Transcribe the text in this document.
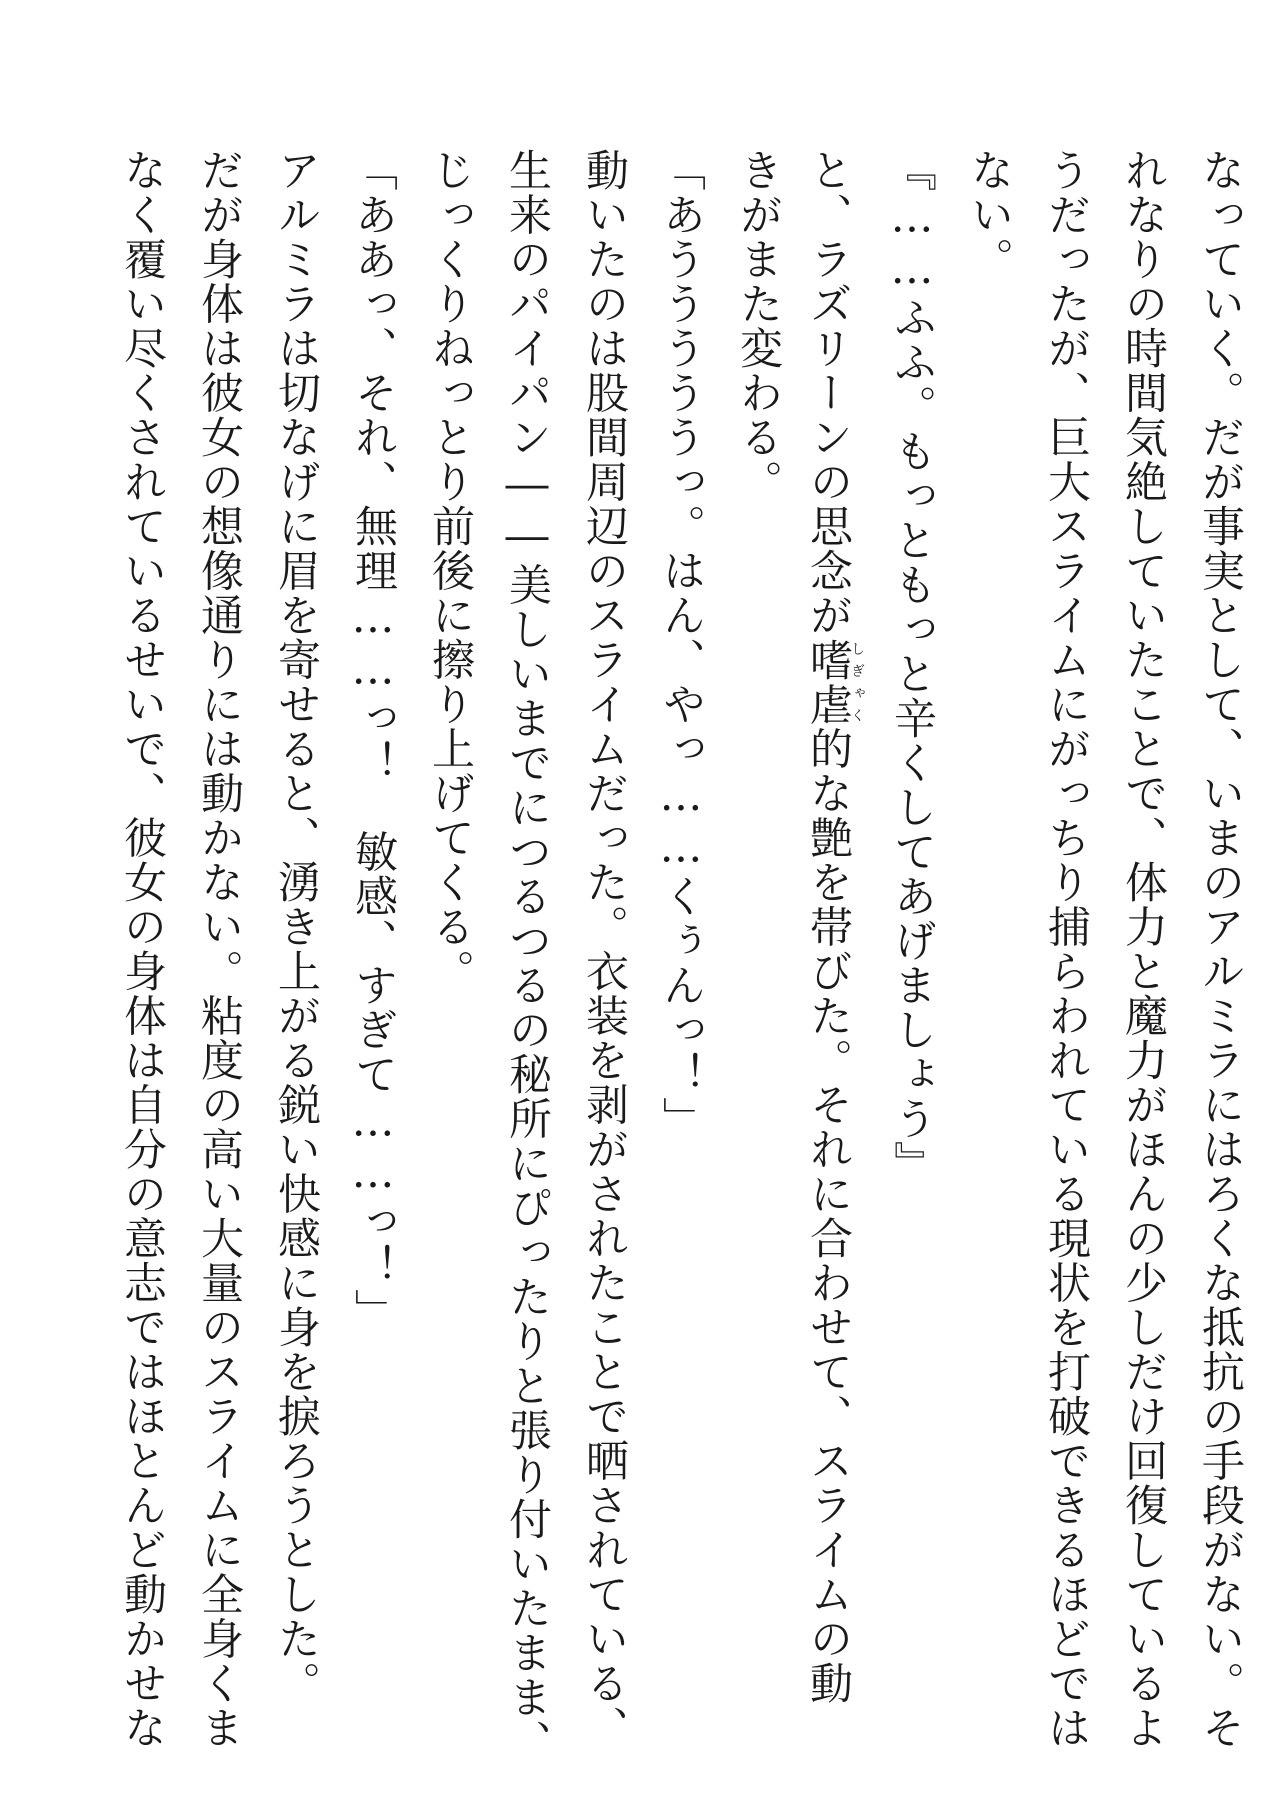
なっていく。だが事実として、いまのアルミラにはろくな抵抗の手段がない。そ
れなりの時間気絶していたことで、体力と魔力がほんの少しだけ回復しているよ
うだったが、巨大スライムにがっちり捕らわれている現状を打破できるほどでは
ない。
『……ふふ。もっともっと辛くしてあげましょう』
と、ラズリーンの思念が嗜虐しぎゃく的な艶を帯びた。それに合わせて、スライムの動
きがまた変わる。
「あうううううっ。はん、やっ……くぅんっ！」
動いたのは股間周辺のスライムだった。衣装を剥がされたことで晒されている、
生来のパイパン――美しいまでにつるつるの秘所にぴったりと張り付いたまま、
じっくりねっとり前後に擦り上げてくる。
「ああっ、それ、無理……っ！　敏感、すぎて……っ！」
アルミラは切なげに眉を寄せると、湧き上がる鋭い快感に身を捩ろうとした。
だが身体は彼女の想像通りには動かない。粘度の高い大量のスライムに全身くま
なく覆い尽くされているせいで、彼女の身体は自分の意志ではほとんど動かせな
